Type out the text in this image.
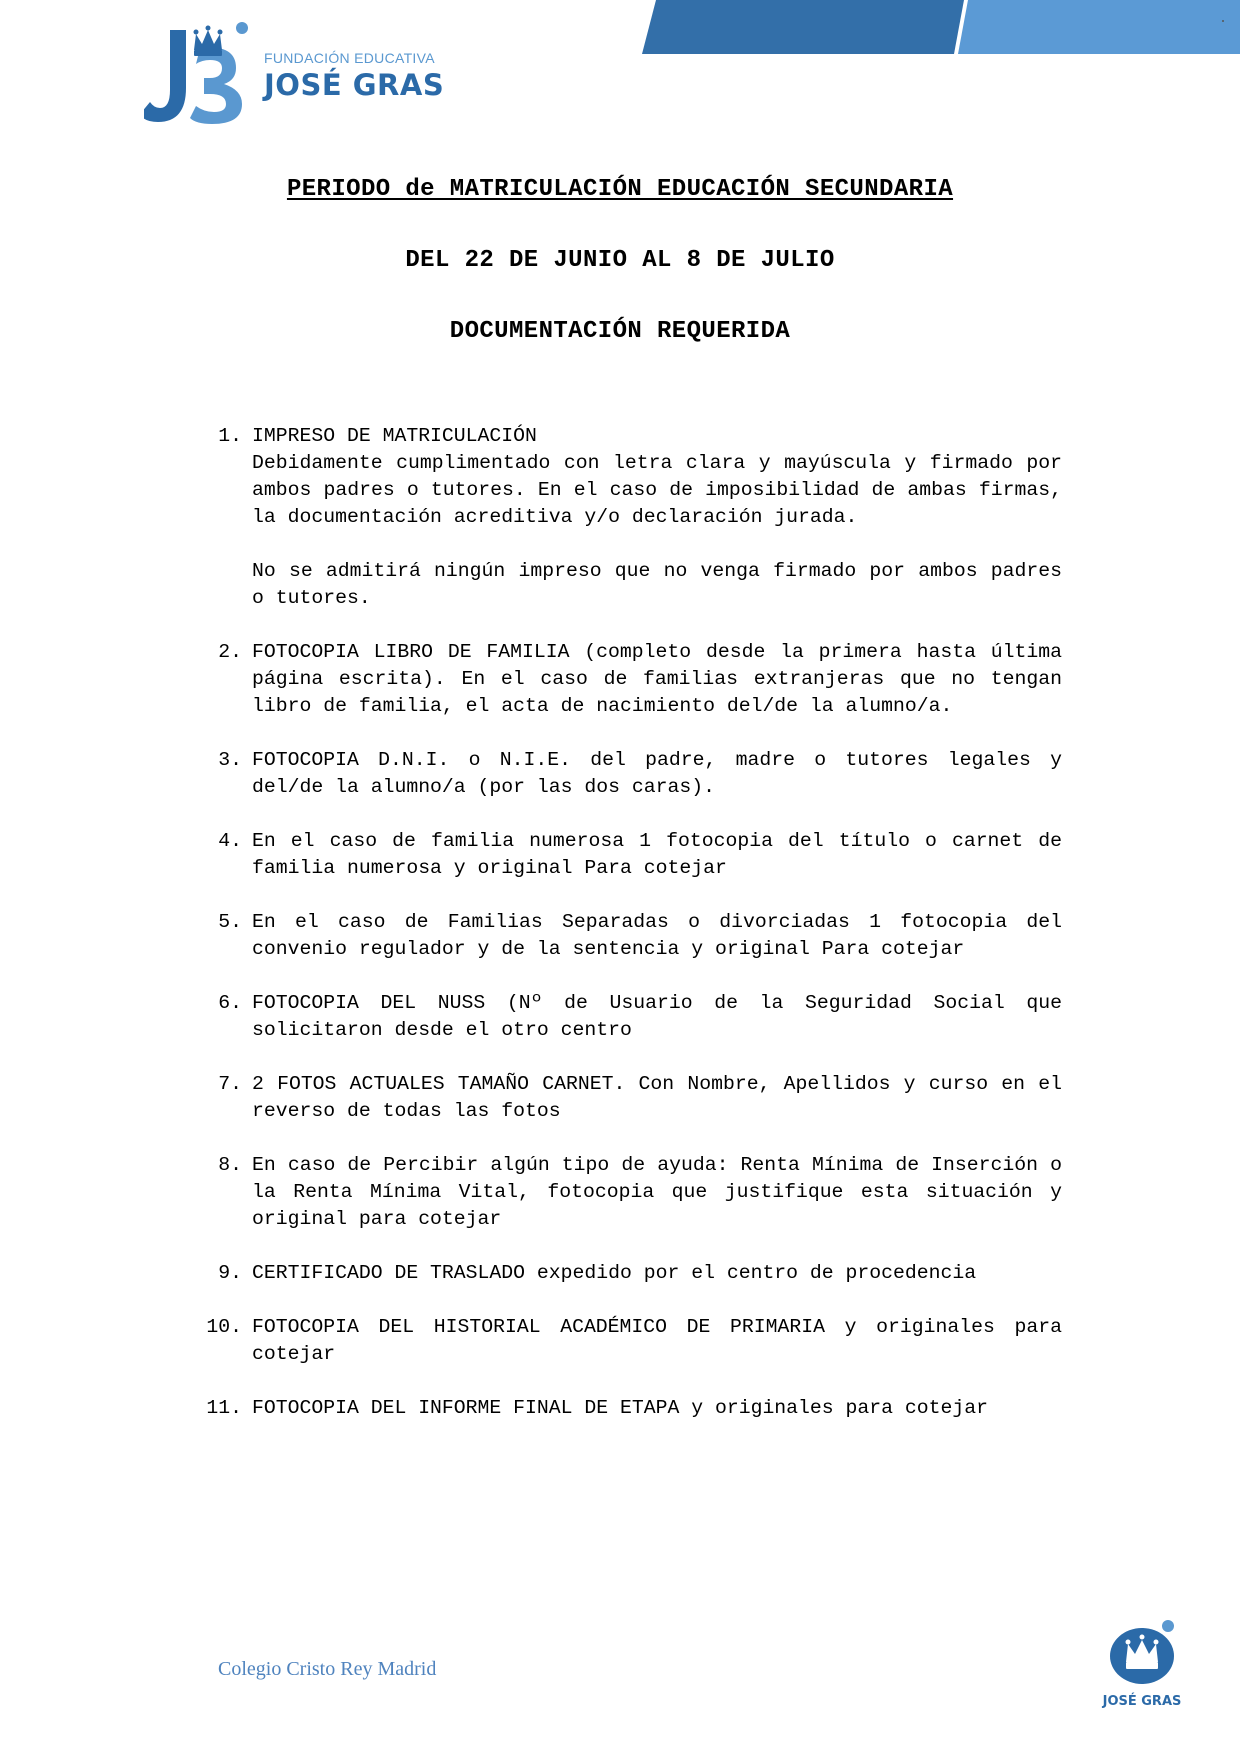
FUNDACIÓN EDUCATIVA
JOSÉ GRAS
PERIODO de MATRICULACIÓN EDUCACIÓN SECUNDARIA
DEL 22 DE JUNIO AL 8 DE JULIO
DOCUMENTACIÓN REQUERIDA
1. IMPRESO DE MATRICULACIÓN
Debidamente cumplimentado con letra clara y mayúscula y firmado por ambos padres o tutores. En el caso de imposibilidad de ambas firmas, la documentación acreditiva y/o declaración jurada.
No se admitirá ningún impreso que no venga firmado por ambos padres o tutores.
2. FOTOCOPIA LIBRO DE FAMILIA (completo desde la primera hasta última página escrita). En el caso de familias extranjeras que no tengan libro de familia, el acta de nacimiento del/de la alumno/a.
3. FOTOCOPIA D.N.I. o N.I.E. del padre, madre o tutores legales y del/de la alumno/a (por las dos caras).
4. En el caso de familia numerosa 1 fotocopia del título o carnet de familia numerosa y original Para cotejar
5. En el caso de Familias Separadas o divorciadas 1 fotocopia del convenio regulador y de la sentencia y original Para cotejar
6. FOTOCOPIA DEL NUSS (Nº de Usuario de la Seguridad Social que solicitaron desde el otro centro
7. 2 FOTOS ACTUALES TAMAÑO CARNET. Con Nombre, Apellidos y curso en el reverso de todas las fotos
8. En caso de Percibir algún tipo de ayuda: Renta Mínima de Inserción o la Renta Mínima Vital, fotocopia que justifique esta situación y original para cotejar
9. CERTIFICADO DE TRASLADO expedido por el centro de procedencia
10. FOTOCOPIA DEL HISTORIAL ACADÉMICO DE PRIMARIA y originales para cotejar
11. FOTOCOPIA DEL INFORME FINAL DE ETAPA y originales para cotejar
Colegio Cristo Rey Madrid
JOSÉ GRAS
